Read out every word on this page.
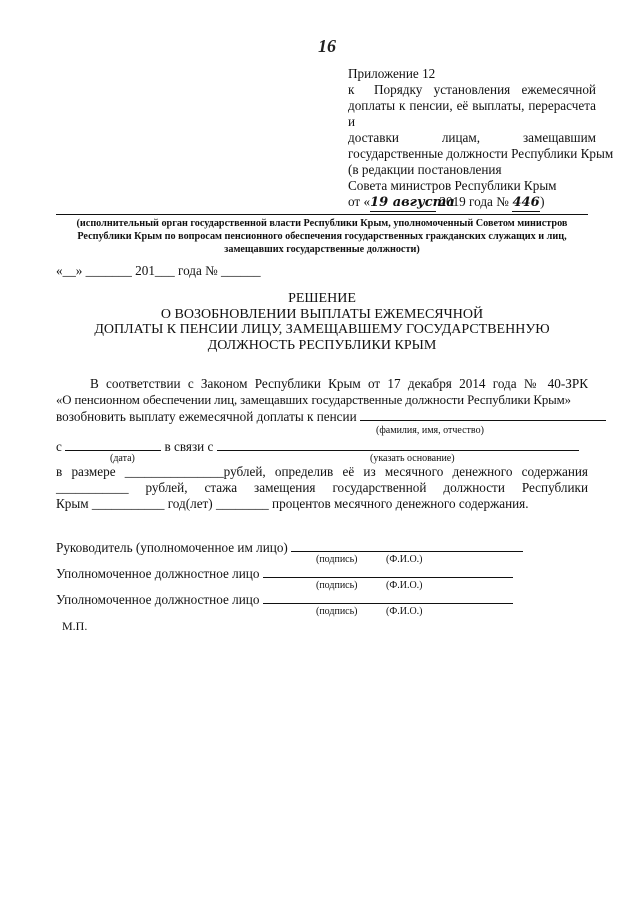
16
Приложение 12
к Порядку установления ежемесячной
доплаты к пенсии, её выплаты, перерасчета и
доставки лицам, замещавшим
государственные должности Республики Крым
(в редакции постановления
Совета министров Республики Крым
от «19 августа 2019 года № 446)
(исполнительный орган государственной власти Республики Крым, уполномоченный Советом министров Республики Крым по вопросам пенсионного обеспечения государственных гражданских служащих и лиц, замещавших государственные должности)
«__» _______ 201___ года № ______
РЕШЕНИЕ
О ВОЗОБНОВЛЕНИИ ВЫПЛАТЫ ЕЖЕМЕСЯЧНОЙ
ДОПЛАТЫ К ПЕНСИИ ЛИЦУ, ЗАМЕЩАВШЕМУ ГОСУДАРСТВЕННУЮ
ДОЛЖНОСТЬ РЕСПУБЛИКИ КРЫМ
В соответствии с Законом Республики Крым от 17 декабря 2014 года № 40-ЗРК
«О пенсионном обеспечении лиц, замещавших государственные должности Республики Крым»
возобновить выплату ежемесячной доплаты к пенсии
(фамилия, имя, отчество)
с	в связи с
(дата)	(указать основание)
в размере _______________рублей, определив её из месячного денежного содержания
___________ рублей, стажа замещения государственной должности Республики
Крым ___________ год(лет) ________ процентов месячного денежного содержания.
Руководитель (уполномоченное им лицо)
(подпись)	(Ф.И.О.)
Уполномоченное должностное лицо
(подпись)	(Ф.И.О.)
Уполномоченное должностное лицо
(подпись)	(Ф.И.О.)
М.П.
